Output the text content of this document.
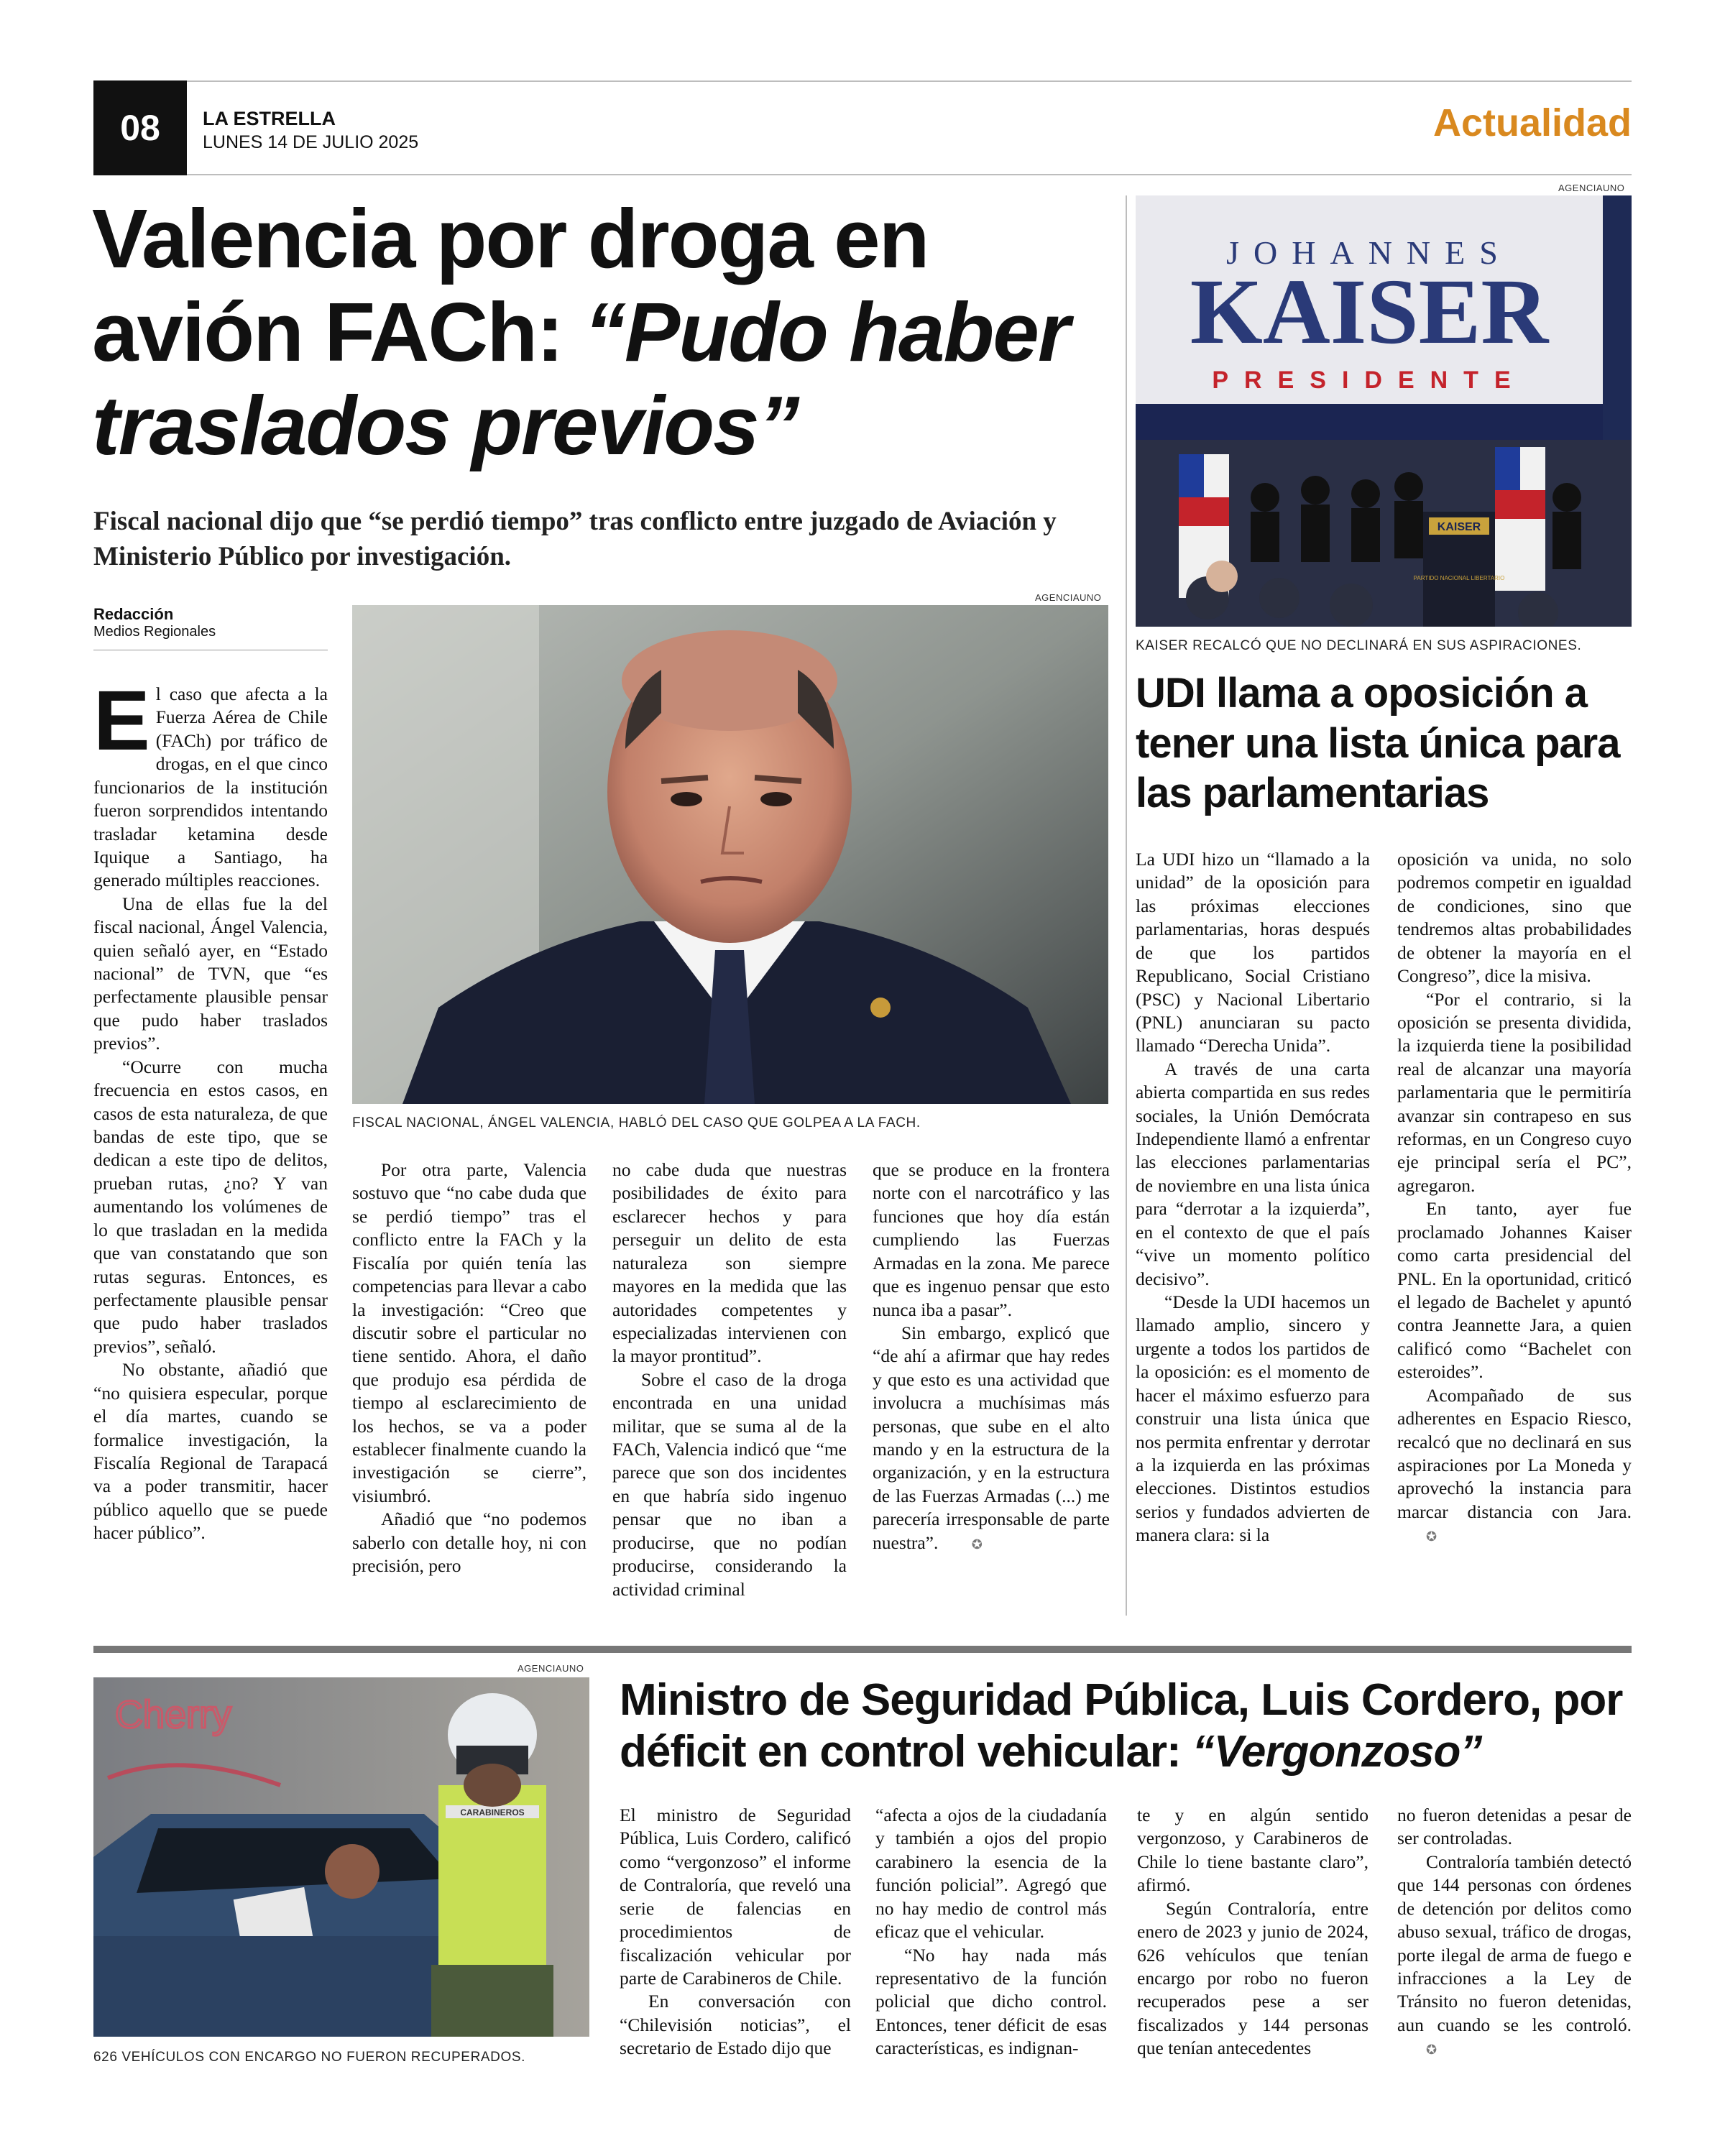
08	LA ESTRELLA
LUNES 14 DE JULIO 2025	Actualidad
Valencia por droga en avión FACh: “Pudo haber traslados previos”
Fiscal nacional dijo que “se perdió tiempo” tras conflicto entre juzgado de Aviación y Ministerio Público por investigación.
Redacción
Medios Regionales
AGENCIAUNO
FISCAL NACIONAL, ÁNGEL VALENCIA, HABLÓ DEL CASO QUE GOLPEA A LA FACH.

El caso que afecta a la Fuerza Aérea de Chile (FACh) por tráfico de drogas, en el que cinco funcionarios de la institución fueron sorprendidos intentando trasladar ketamina desde Iquique a Santiago, ha generado múltiples reacciones.

Una de ellas fue la del fiscal nacional, Ángel Valencia, quien señaló ayer, en “Estado nacional” de TVN, que “es perfectamente plausible pensar que pudo haber traslados previos”.

“Ocurre con mucha frecuencia en estos casos, en casos de esta naturaleza, de que bandas de este tipo, que se dedican a este tipo de delitos, prueban rutas, ¿no? Y van aumentando los volúmenes de lo que trasladan en la medida que van constatando que son rutas seguras. Entonces, es perfectamente plausible pensar que pudo haber traslados previos”, señaló.

No obstante, añadió que “no quisiera especular, porque el día martes, cuando se formalice investigación, la Fiscalía Regional de Tarapacá va a poder transmitir, hacer público aquello que se puede hacer público”.

Por otra parte, Valencia sostuvo que “no cabe duda que se perdió tiempo” tras el conflicto entre la FACh y la Fiscalía por quién tenía las competencias para llevar a cabo la investigación: “Creo que discutir sobre el particular no tiene sentido. Ahora, el daño que produjo esa pérdida de tiempo al esclarecimiento de los hechos, se va a poder establecer finalmente cuando la investigación se cierre”, visiumbró.

Añadió que “no podemos saberlo con detalle hoy, ni con precisión, pero

no cabe duda que nuestras posibilidades de éxito para esclarecer hechos y para perseguir un delito de esta naturaleza son siempre mayores en la medida que las autoridades competentes y especializadas intervienen con la mayor prontitud”.

Sobre el caso de la droga encontrada en una unidad militar, que se suma al de la FACh, Valencia indicó que “me parece que son dos incidentes en que habría sido ingenuo pensar que no iban a producirse, que no podían producirse, considerando la actividad criminal

que se produce en la frontera norte con el narcotráfico y las funciones que hoy día están cumpliendo las Fuerzas Armadas en la zona. Me parece que es ingenuo pensar que esto nunca iba a pasar”.

Sin embargo, explicó que “de ahí a afirmar que hay redes y que esto es una actividad que involucra a muchísimas más personas, que sube en el alto mando y en la estructura de la organización, y en la estructura de las Fuerzas Armadas (...) me parecería irresponsable de parte nuestra”.	✪

AGENCIAUNO
JOHANNES
KAISER
PRESIDENTE
KAISER
PARTIDO NACIONAL LIBERTARIO
KAISER RECALCÓ QUE NO DECLINARÁ EN SUS ASPIRACIONES.
UDI llama a oposición a tener una lista única para las parlamentarias

La UDI hizo un “llamado a la unidad” de la oposición para las próximas elecciones parlamentarias, horas después de que los partidos Republicano, Social Cristiano (PSC) y Nacional Libertario (PNL) anunciaran su pacto llamado “Derecha Unida”.

A través de una carta abierta compartida en sus redes sociales, la Unión Demócrata Independiente llamó a enfrentar las elecciones parlamentarias de noviembre en una lista única para “derrotar a la izquierda”, en el contexto de que el país “vive un momento político decisivo”.

“Desde la UDI hacemos un llamado amplio, sincero y urgente a todos los partidos de la oposición: es el momento de hacer el máximo esfuerzo para construir una lista única que nos permita enfrentar y derrotar a la izquierda en las próximas elecciones. Distintos estudios serios y fundados advierten de manera clara: si la

oposición va unida, no solo podremos competir en igualdad de condiciones, sino que tendremos altas probabilidades de obtener la mayoría en el Congreso”, dice la misiva.

“Por el contrario, si la oposición se presenta dividida, la izquierda tiene la posibilidad real de alcanzar una mayoría parlamentaria que le permitiría avanzar sin contrapeso en sus reformas, en un Congreso cuyo eje principal sería el PC”, agregaron.

En tanto, ayer fue proclamado Johannes Kaiser como carta presidencial del PNL. En la oportunidad, criticó el legado de Bachelet y apuntó contra Jeannette Jara, a quien calificó como “Bachelet con esteroides”.

Acompañado de sus adherentes en Espacio Riesco, recalcó que no declinará en sus aspiraciones por La Moneda y aprovechó la instancia para marcar distancia con Jara. ✪

AGENCIAUNO
Cherry
CARABINEROS
626 VEHÍCULOS CON ENCARGO NO FUERON RECUPERADOS.
Ministro de Seguridad Pública, Luis Cordero, por déficit en control vehicular: “Vergonzoso”

El ministro de Seguridad Pública, Luis Cordero, calificó como “vergonzoso” el informe de Contraloría, que reveló una serie de falencias en procedimientos de fiscalización vehicular por parte de Carabineros de Chile.

En conversación con “Chilevisión noticias”, el secretario de Estado dijo que

“afecta a ojos de la ciudadanía y también a ojos del propio carabinero la esencia de la función policial”. Agregó que no hay medio de control más eficaz que el vehicular.

“No hay nada más representativo de la función policial que dicho control. Entonces, tener déficit de esas características, es indignan-

te y en algún sentido vergonzoso, y Carabineros de Chile lo tiene bastante claro”, afirmó.

Según Contraloría, entre enero de 2023 y junio de 2024, 626 vehículos que tenían encargo por robo no fueron recuperados pese a ser fiscalizados y 144 personas que tenían antecedentes

no fueron detenidas a pesar de ser controladas.

Contraloría también detectó que 144 personas con órdenes de detención por delitos como abuso sexual, tráfico de drogas, porte ilegal de arma de fuego e infracciones a la Ley de Tránsito no fueron detenidas, aun cuando se les controló. ✪
